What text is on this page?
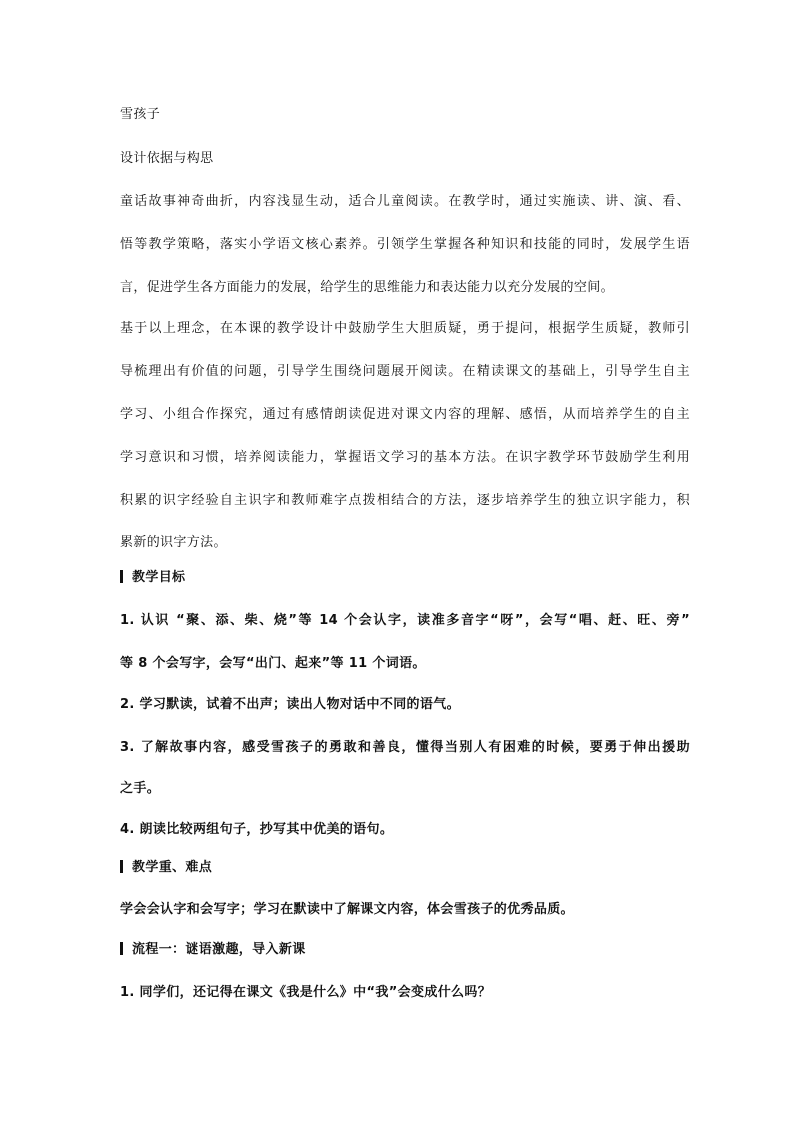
雪孩子
设计依据与构思
童话故事神奇曲折，内容浅显生动，适合儿童阅读。在教学时，通过实施读、讲、演、看、
悟等教学策略，落实小学语文核心素养。引领学生掌握各种知识和技能的同时，发展学生语
言，促进学生各方面能力的发展，给学生的思维能力和表达能力以充分发展的空间。
基于以上理念，在本课的教学设计中鼓励学生大胆质疑，勇于提问，根据学生质疑，教师引
导梳理出有价值的问题，引导学生围绕问题展开阅读。在精读课文的基础上，引导学生自主
学习、小组合作探究，通过有感情朗读促进对课文内容的理解、感悟，从而培养学生的自主
学习意识和习惯，培养阅读能力，掌握语文学习的基本方法。在识字教学环节鼓励学生利用
积累的识字经验自主识字和教师难字点拨相结合的方法，逐步培养学生的独立识字能力，积
累新的识字方法。
教学目标
1. 认识 “聚、添、柴、烧”等 14 个会认字，读准多音字“呀”，会写“唱、赶、旺、旁”
等 8 个会写字，会写“出门、起来”等 11 个词语。
2. 学习默读，试着不出声；读出人物对话中不同的语气。
3. 了解故事内容，感受雪孩子的勇敢和善良，懂得当别人有困难的时候，要勇于伸出援助
之手。
4. 朗读比较两组句子，抄写其中优美的语句。
教学重、难点
学会会认字和会写字；学习在默读中了解课文内容，体会雪孩子的优秀品质。
流程一：谜语激趣，导入新课
1. 同学们，还记得在课文《我是什么》中“我”会变成什么吗？
